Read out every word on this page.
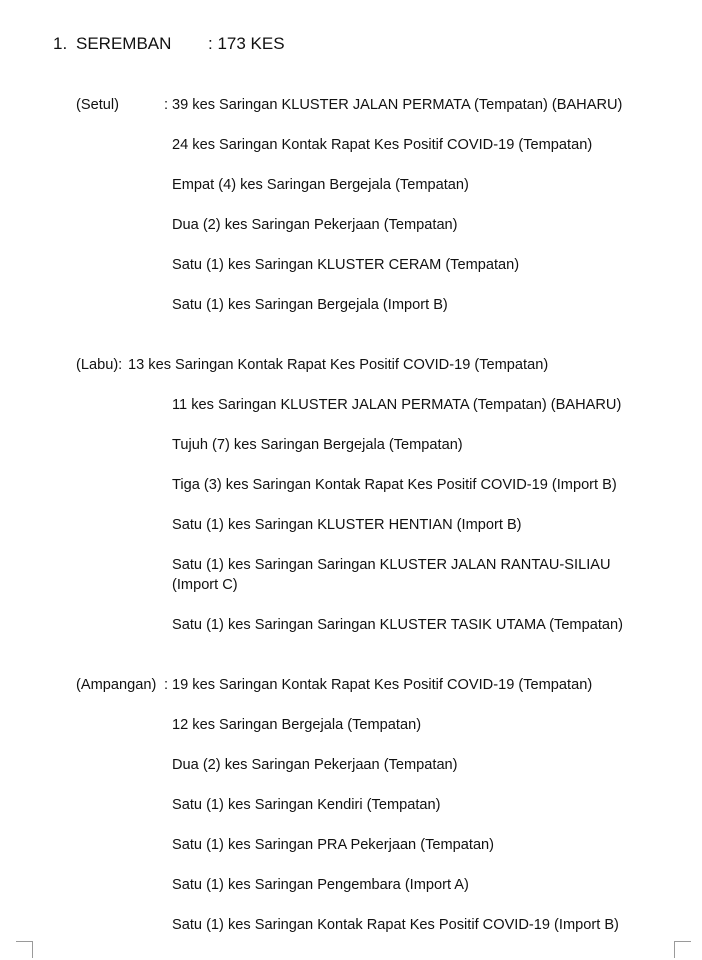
1. SEREMBAN : 173 KES
(Setul)	: 39 kes Saringan KLUSTER JALAN PERMATA (Tempatan) (BAHARU)
24 kes Saringan Kontak Rapat Kes Positif COVID-19 (Tempatan)
Empat (4) kes Saringan Bergejala (Tempatan)
Dua (2) kes Saringan Pekerjaan (Tempatan)
Satu (1) kes Saringan KLUSTER CERAM (Tempatan)
Satu (1) kes Saringan Bergejala (Import B)
(Labu): 13 kes Saringan Kontak Rapat Kes Positif COVID-19 (Tempatan)
11 kes Saringan KLUSTER JALAN PERMATA (Tempatan) (BAHARU)
Tujuh (7) kes Saringan Bergejala (Tempatan)
Tiga (3) kes Saringan Kontak Rapat Kes Positif COVID-19 (Import B)
Satu (1) kes Saringan KLUSTER HENTIAN (Import B)
Satu (1) kes Saringan Saringan KLUSTER JALAN RANTAU-SILIAU
(Import C)
Satu (1) kes Saringan Saringan KLUSTER TASIK UTAMA (Tempatan)
(Ampangan) : 19 kes Saringan Kontak Rapat Kes Positif COVID-19 (Tempatan)
12 kes Saringan Bergejala (Tempatan)
Dua (2) kes Saringan Pekerjaan (Tempatan)
Satu (1) kes Saringan Kendiri (Tempatan)
Satu (1) kes Saringan PRA Pekerjaan (Tempatan)
Satu (1) kes Saringan Pengembara (Import A)
Satu (1) kes Saringan Kontak Rapat Kes Positif COVID-19 (Import B)
